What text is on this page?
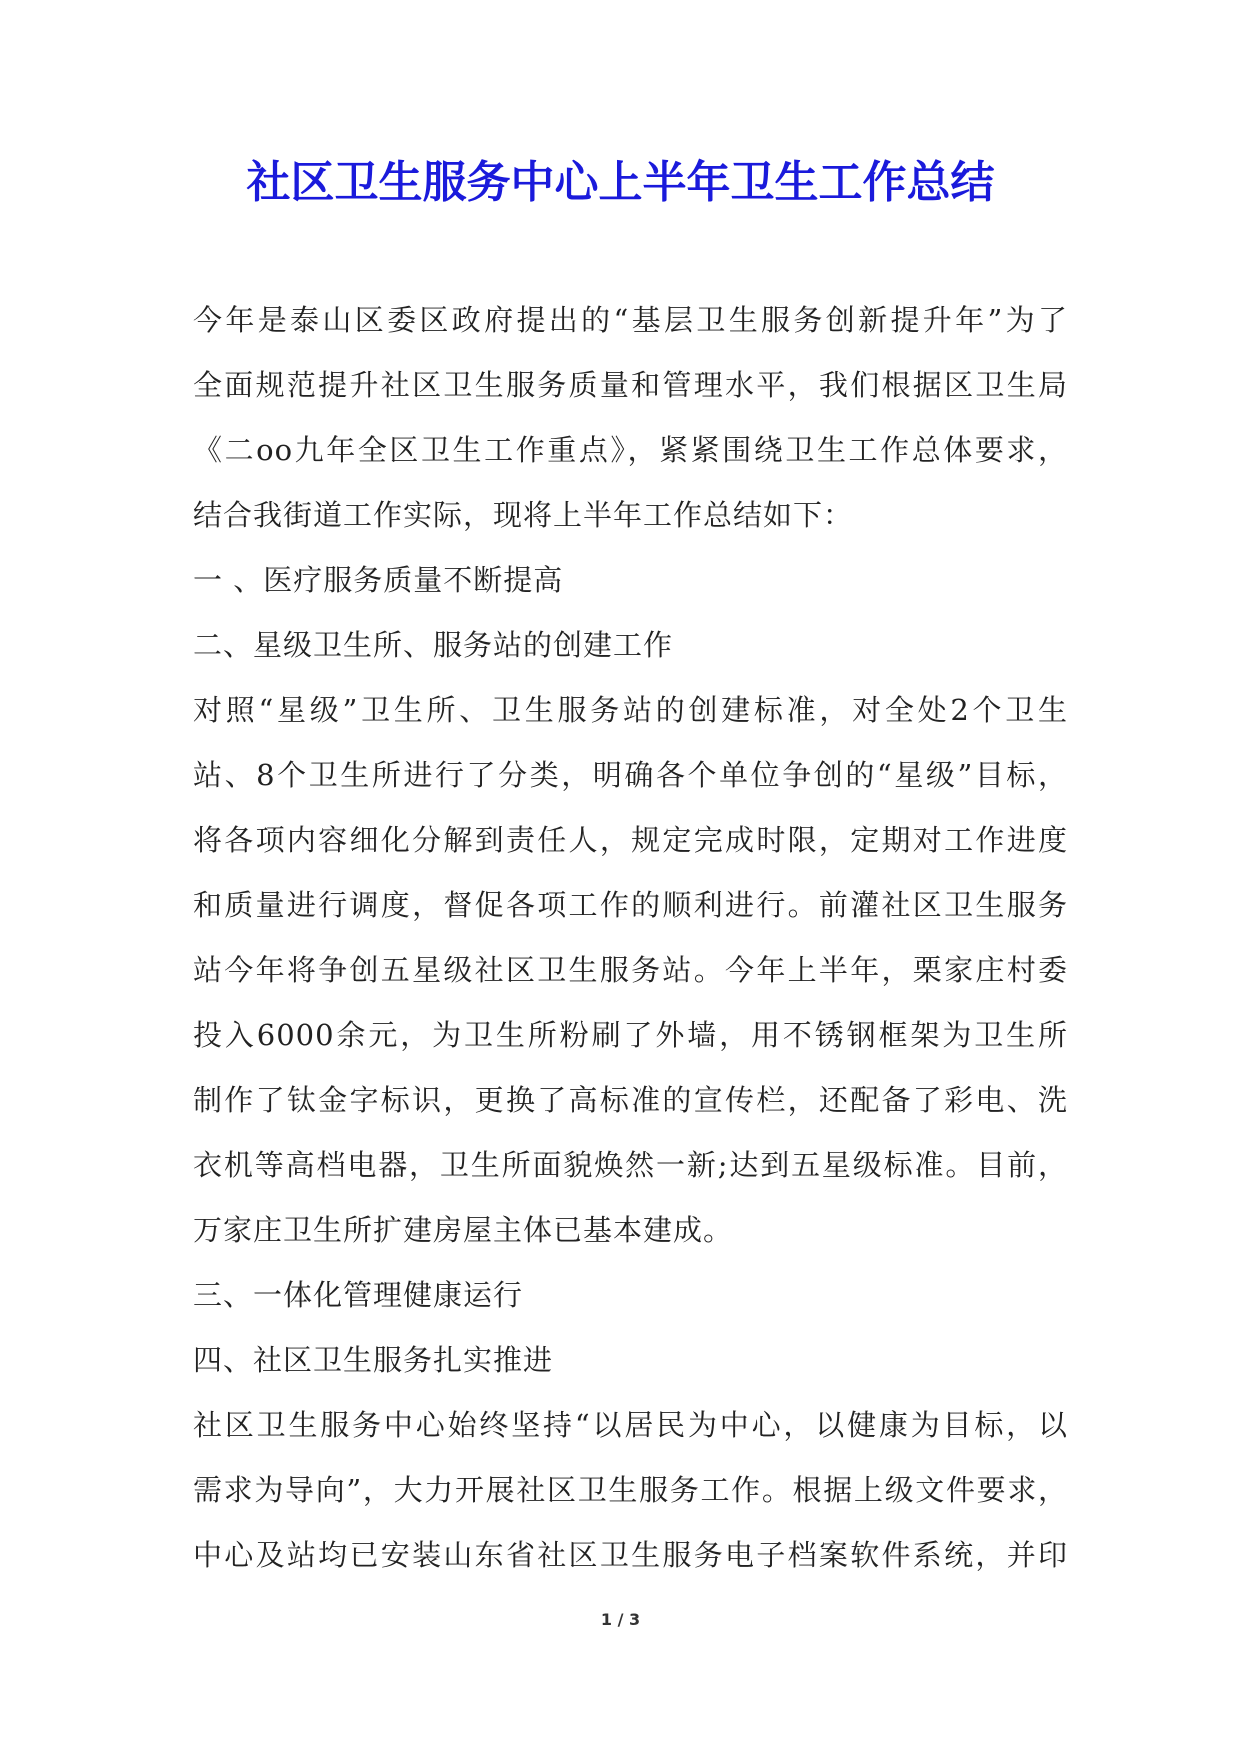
社区卫生服务中心上半年卫生工作总结
今年是泰山区委区政府提出的“基层卫生服务创新提升年”为了
全面规范提升社区卫生服务质量和管理水平，我们根据区卫生局
《二oo九年全区卫生工作重点》，紧紧围绕卫生工作总体要求，
结合我街道工作实际，现将上半年工作总结如下：
一 、医疗服务质量不断提高
二、星级卫生所、服务站的创建工作
对照“星级”卫生所、卫生服务站的创建标准，对全处2个卫生
站、8个卫生所进行了分类，明确各个单位争创的“星级”目标，
将各项内容细化分解到责任人，规定完成时限，定期对工作进度
和质量进行调度，督促各项工作的顺利进行。前灌社区卫生服务
站今年将争创五星级社区卫生服务站。今年上半年，栗家庄村委
投入6000余元，为卫生所粉刷了外墙，用不锈钢框架为卫生所
制作了钛金字标识，更换了高标准的宣传栏，还配备了彩电、洗
衣机等高档电器，卫生所面貌焕然一新;达到五星级标准。目前，
万家庄卫生所扩建房屋主体已基本建成。
三、一体化管理健康运行
四、社区卫生服务扎实推进
社区卫生服务中心始终坚持“以居民为中心，以健康为目标，以
需求为导向”，大力开展社区卫生服务工作。根据上级文件要求，
中心及站均已安装山东省社区卫生服务电子档案软件系统，并印
1 / 3
